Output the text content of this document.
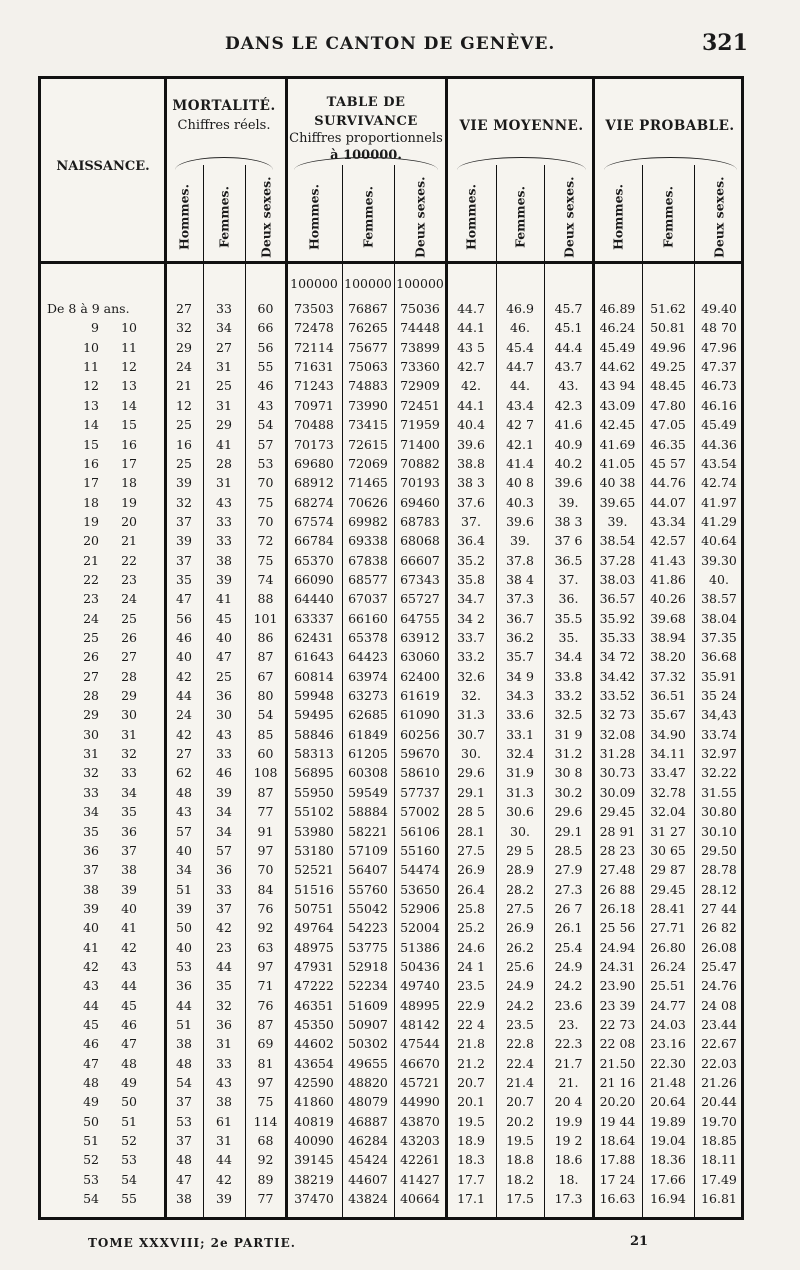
DANS LE CANTON DE GENÈVE.	321
NAISSANCE.
MORTALITÉ.
Chiffres réels.
TABLE DE SURVIVANCE
Chiffres proportionnels
à 100000.
VIE MOYENNE.	VIE PROBABLE.
Hommes. Femmes. Deux sexes.	Hommes.	Femmes.	Deux sexes.	Hommes.	Femmes.	Deux sexes.	Hommes.	Femmes.	Deux sexes.
100000 100000 100000
De 8 à 9 ans.	27	33	60	73503	76867 75036	44.7	46.9	45.7	46.89	51.62	49.40
9	10	32	34	66	72478	76265 74448	44.1	46.	45.1	46.24	50.81	48 70
10	11	29	27	56	72114	75677 73899	43 5	45.4	44.4	45.49	49.96	47.96
11	12	24	31	55	71631	75063 73360	42.7	44.7	43.7	44.62	49.25	47.37
12	13	21	25	46	71243	74883 72909	42.	44.	43.	43 94	48.45	46.73
13	14	12	31	43	70971	73990 72451	44.1	43.4	42.3	43.09	47.80	46.16
14	15	25	29	54	70488	73415 71959	40.4	42 7	41.6	42.45	47.05	45.49
15	16	16	41	57	70173	72615 71400	39.6	42.1	40.9	41.69	46.35	44.36
16	17	25	28	53	69680	72069 70882	38.8	41.4	40.2	41.05	45 57	43.54
17	18	39	31	70	68912	71465 70193	38 3	40 8	39.6	40 38	44.76	42.74
18	19	32	43	75	68274	70626 69460	37.6	40.3	39.	39.65	44.07	41.97
19	20	37	33	70	67574	69982 68783	37.	39.6	38 3	39.	43.34	41.29
20	21	39	33	72	66784	69338 68068	36.4	39.	37 6	38.54	42.57	40.64
21	22	37	38	75	65370	67838 66607	35.2	37.8	36.5	37.28	41.43	39.30
22	23	35	39	74	66090	68577 67343	35.8	38 4	37.	38.03	41.86	40.
23	24	47	41	88	64440	67037 65727	34.7	37.3	36.	36.57	40.26	38.57
24	25	56	45	101	63337	66160 64755	34 2	36.7	35.5	35.92	39.68	38.04
25	26	46	40	86	62431	65378 63912	33.7	36.2	35.	35.33	38.94	37.35
26	27	40	47	87	61643	64423 63060	33.2	35.7	34.4	34 72	38.20	36.68
27	28	42	25	67	60814	63974 62400	32.6	34 9	33.8	34.42	37.32	35.91
28	29	44	36	80	59948	63273 61619	32.	34.3	33.2	33.52	36.51	35 24
29	30	24	30	54	59495	62685 61090	31.3	33.6	32.5	32 73	35.67	34,43
30	31	42	43	85	58846	61849 60256	30.7	33.1	31 9	32.08	34.90	33.74
31	32	27	33	60	58313	61205 59670	30.	32.4	31.2	31.28	34.11	32.97
32	33	62	46	108	56895	60308 58610	29.6	31.9	30 8	30.73	33.47	32.22
33	34	48	39	87	55950	59549 57737	29.1	31.3	30.2	30.09	32.78	31.55
34	35	43	34	77	55102	58884 57002	28 5	30.6	29.6	29.45	32.04	30.80
35	36	57	34	91	53980	58221 56106	28.1	30.	29.1	28 91	31 27	30.10
36	37	40	57	97	53180	57109 55160	27.5	29 5	28.5	28 23	30 65	29.50
37	38	34	36	70	52521	56407 54474	26.9	28.9	27.9	27.48	29 87	28.78
38	39	51	33	84	51516	55760 53650	26.4	28.2	27.3	26 88	29.45	28.12
39	40	39	37	76	50751	55042 52906	25.8	27.5	26 7	26.18	28.41	27 44
40	41	50	42	92	49764	54223 52004	25.2	26.9	26.1	25 56	27.71	26 82
41	42	40	23	63	48975	53775 51386	24.6	26.2	25.4	24.94	26.80	26.08
42	43	53	44	97	47931	52918 50436	24 1	25.6	24.9	24.31	26.24	25.47
43	44	36	35	71	47222	52234 49740	23.5	24.9	24.2	23.90	25.51	24.76
44	45	44	32	76	46351	51609 48995	22.9	24.2	23.6	23 39	24.77	24 08
45	46	51	36	87	45350	50907 48142	22 4	23.5	23.	22 73	24.03	23.44
46	47	38	31	69	44602	50302 47544	21.8	22.8	22.3	22 08	23.16	22.67
47	48	48	33	81	43654	49655 46670	21.2	22.4	21.7	21.50	22.30	22.03
48	49	54	43	97	42590	48820 45721	20.7	21.4	21.	21 16	21.48	21.26
49	50	37	38	75	41860	48079 44990	20.1	20.7	20 4	20.20	20.64	20.44
50	51	53	61	114	40819	46887 43870	19.5	20.2	19.9	19 44	19.89	19.70
51	52	37	31	68	40090	46284 43203	18.9	19.5	19 2	18.64	19.04	18.85
52	53	48	44	92	39145	45424 42261	18.3	18.8	18.6	17.88	18.36	18.11
53	54	47	42	89	38219	44607 41427	17.7	18.2	18.	17 24	17.66	17.49
54	55	38	39	77	37470	43824 40664	17.1	17.5	17.3	16.63	16.94	16.81
TOME XXXVIII; 2e PARTIE.	21
